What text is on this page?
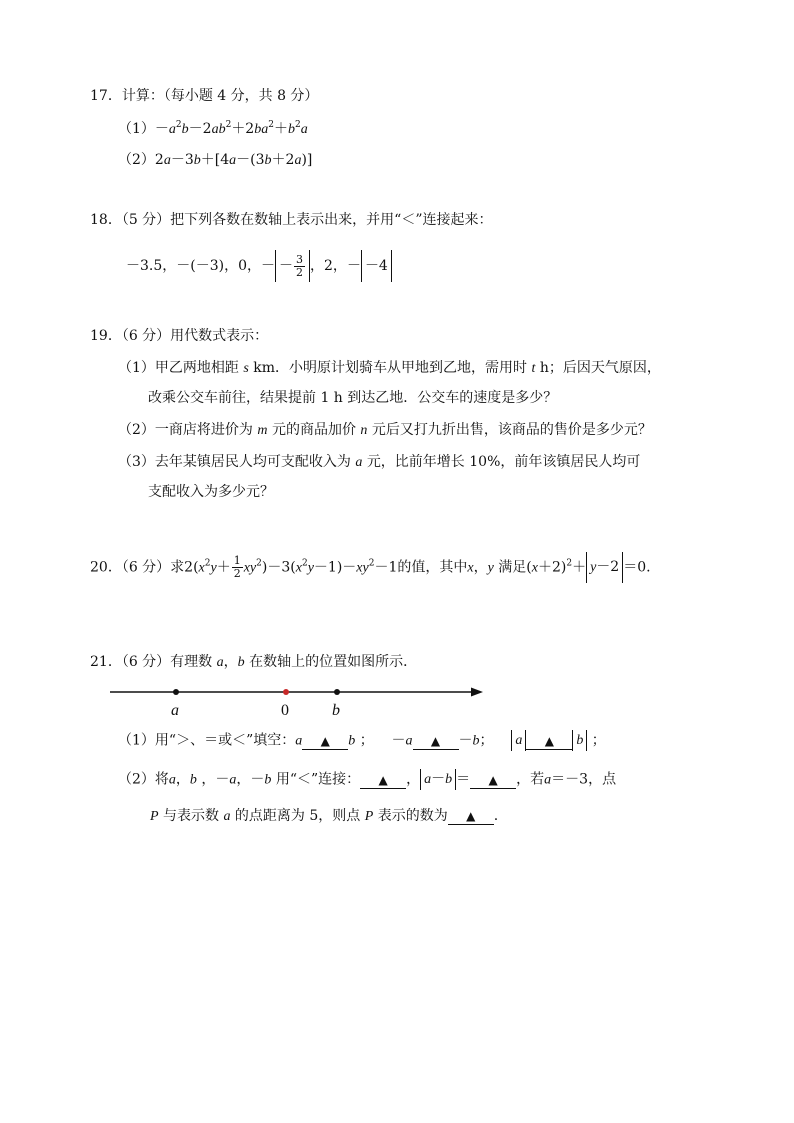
17．计算：（每小题 4 分，共 8 分）
$(1)-a^2b-2ab^2+2ba^2+b^2a$
（2）2a－3b＋[4a－(3b＋2a)]
18．（5 分）把下列各数在数轴上表示出来，并用“＜”连接起来：
－3.5，－(－3)，0，－ － $\frac{3}{2}$ ，2，－ －4
19．（6 分）用代数式表示：
（1）甲乙两地相距 s km．小明原计划骑车从甲地到乙地，需用时 t h；后因天气原因，
改乘公交车前往，结果提前 1 h 到达乙地．公交车的速度是多少？
（2）一商店将进价为 m 元的商品加价 n 元后又打九折出售，该商品的售价是多少元？
（3）去年某镇居民人均可支配收入为 a 元，比前年增长 10%，前年该镇居民人均可
支配收入为多少元？
20．（6 分）求$2(x^2y+ \frac{1}{2} xy^2)-3(x^2y-1)-xy^2-1$的值，其中x，y 满足$(x+2)^2+ y-2 =0$.
21．（6 分）有理数 a，b 在数轴上的位置如图所示．
a	0	b
（1）用“＞、＝或＜”填空：a ▲ b ；    －a ▲ －b；    a ▲ b ；
（2）将a，b ，－a，－b 用“＜”连接： ▲ ， a－b ＝ ▲ ，若a＝－3，点
P 与表示数 a 的点距离为 5，则点 P 表示的数为 ▲ .
